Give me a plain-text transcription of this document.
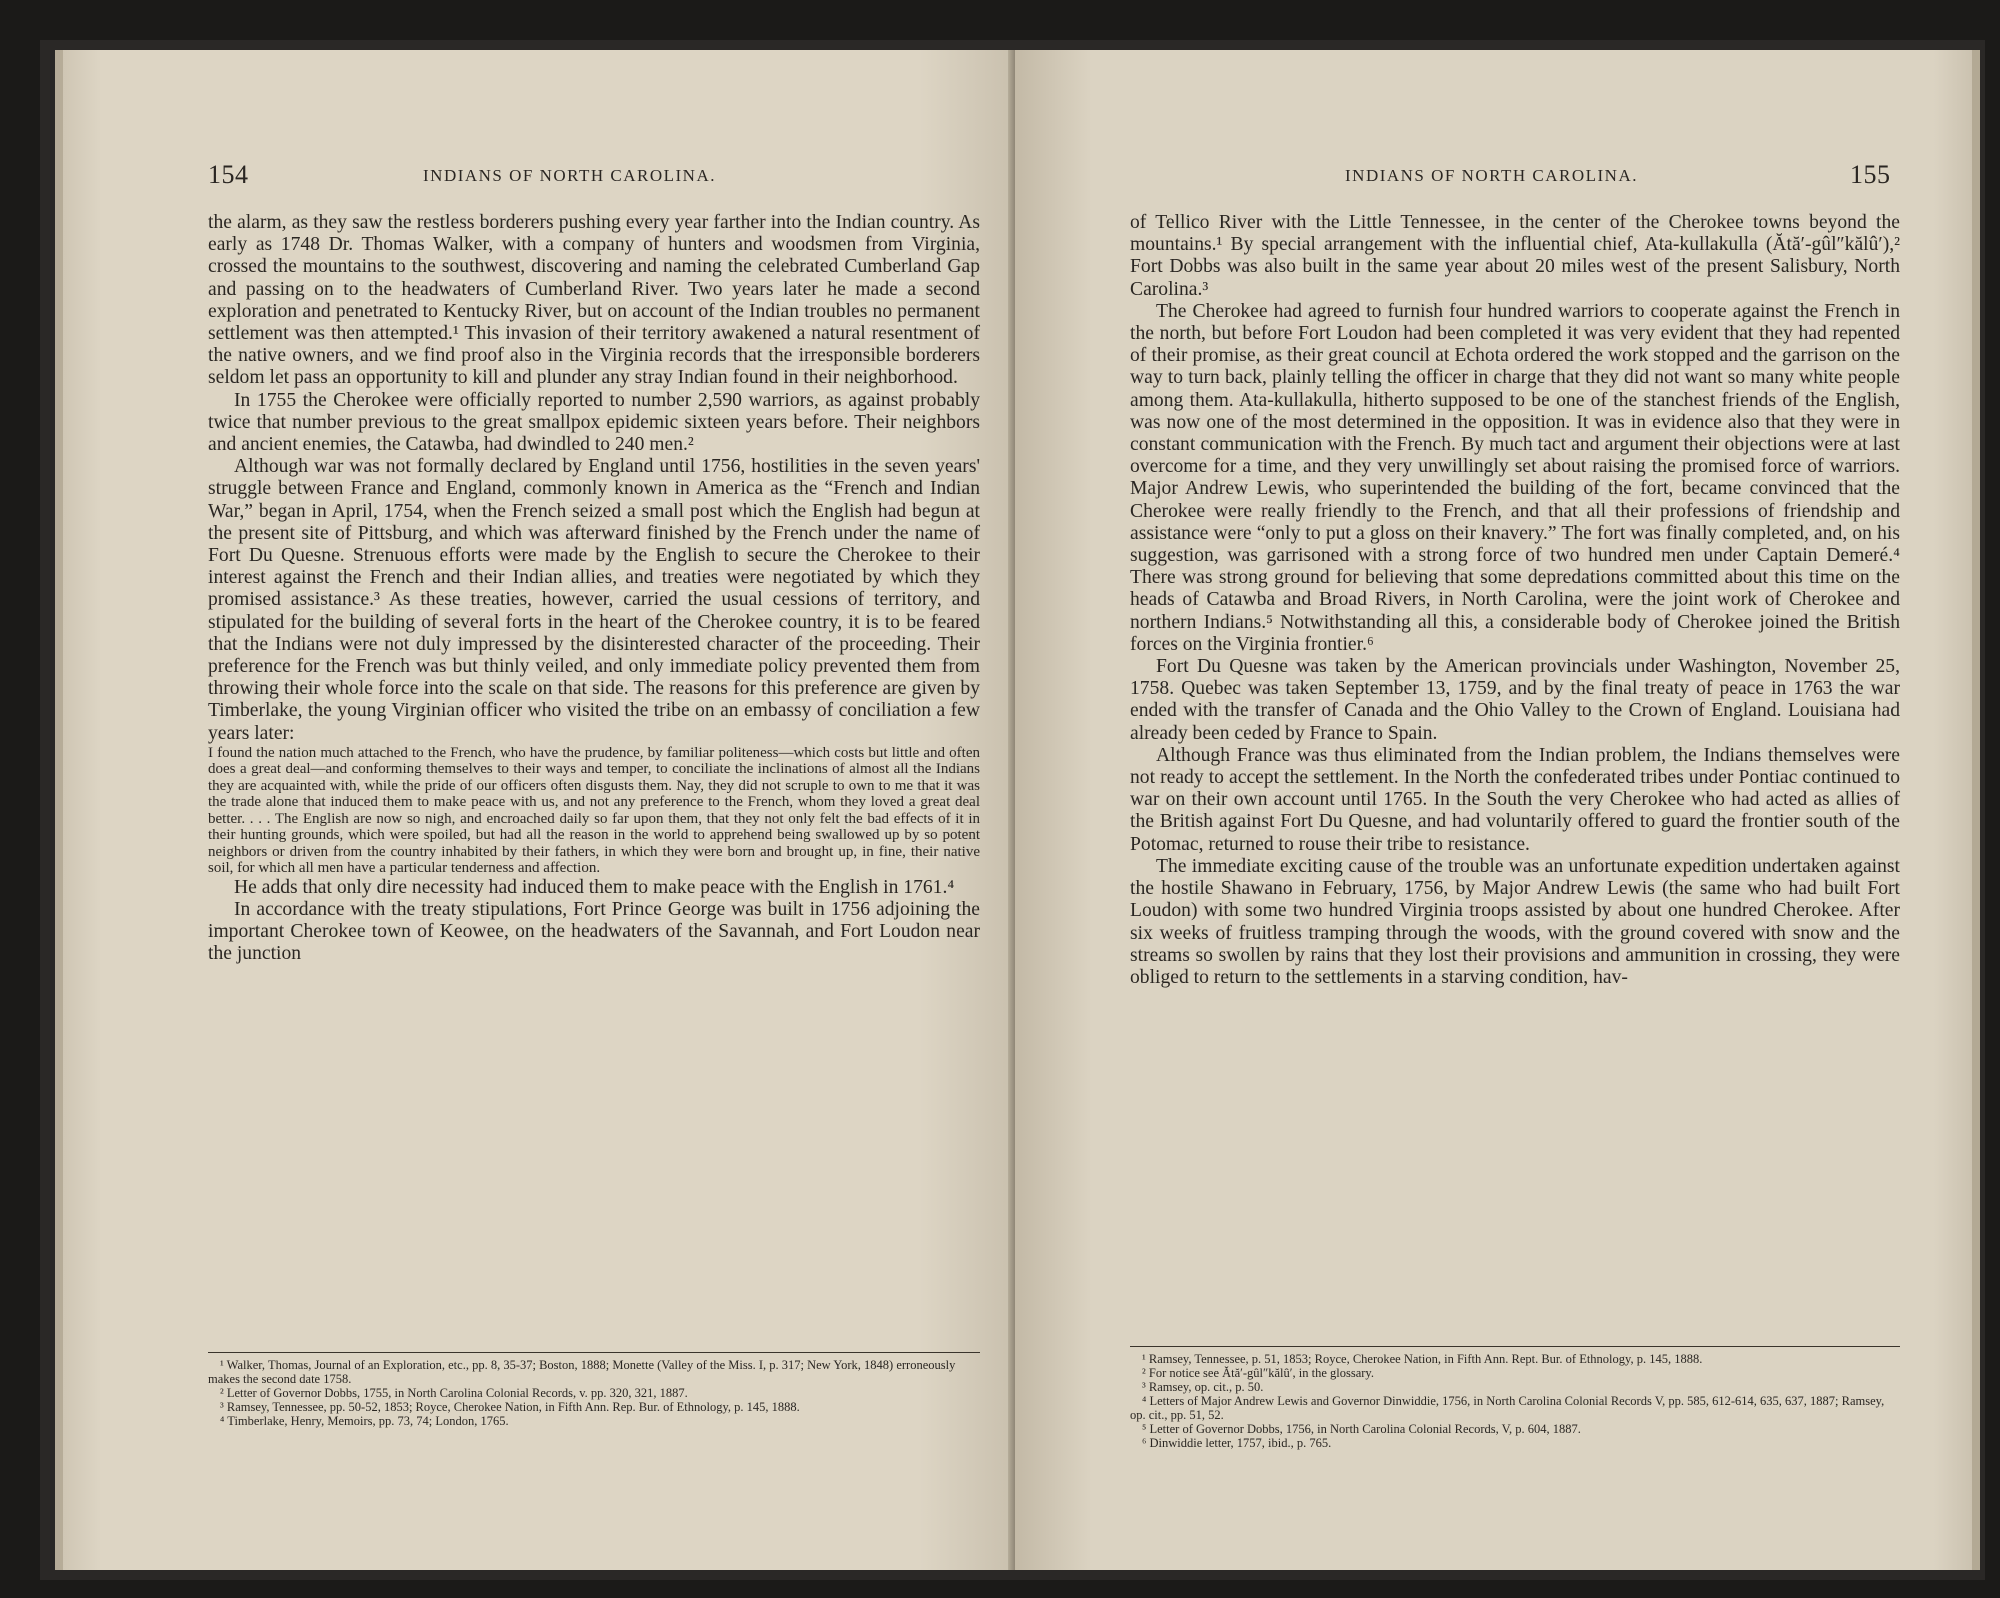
154	INDIANS OF NORTH CAROLINA.

the alarm, as they saw the restless borderers pushing every year farther into the Indian country. As early as 1748 Dr. Thomas Walker, with a company of hunters and woodsmen from Virginia, crossed the mountains to the southwest, discovering and naming the celebrated Cumberland Gap and passing on to the headwaters of Cumberland River. Two years later he made a second exploration and penetrated to Kentucky River, but on account of the Indian troubles no permanent settlement was then attempted.¹ This invasion of their territory awakened a natural resentment of the native owners, and we find proof also in the Virginia records that the irresponsible borderers seldom let pass an opportunity to kill and plunder any stray Indian found in their neighborhood.

In 1755 the Cherokee were officially reported to number 2,590 warriors, as against probably twice that number previous to the great smallpox epidemic sixteen years before. Their neighbors and ancient enemies, the Catawba, had dwindled to 240 men.²

Although war was not formally declared by England until 1756, hostilities in the seven years' struggle between France and England, commonly known in America as the “French and Indian War,” began in April, 1754, when the French seized a small post which the English had begun at the present site of Pittsburg, and which was afterward finished by the French under the name of Fort Du Quesne. Strenuous efforts were made by the English to secure the Cherokee to their interest against the French and their Indian allies, and treaties were negotiated by which they promised assistance.³ As these treaties, however, carried the usual cessions of territory, and stipulated for the building of several forts in the heart of the Cherokee country, it is to be feared that the Indians were not duly impressed by the disinterested character of the proceeding. Their preference for the French was but thinly veiled, and only immediate policy prevented them from throwing their whole force into the scale on that side. The reasons for this preference are given by Timberlake, the young Virginian officer who visited the tribe on an embassy of conciliation a few years later:

I found the nation much attached to the French, who have the prudence, by familiar politeness—which costs but little and often does a great deal—and conforming themselves to their ways and temper, to conciliate the inclinations of almost all the Indians they are acquainted with, while the pride of our officers often disgusts them. Nay, they did not scruple to own to me that it was the trade alone that induced them to make peace with us, and not any preference to the French, whom they loved a great deal better. . . . The English are now so nigh, and encroached daily so far upon them, that they not only felt the bad effects of it in their hunting grounds, which were spoiled, but had all the reason in the world to apprehend being swallowed up by so potent neighbors or driven from the country inhabited by their fathers, in which they were born and brought up, in fine, their native soil, for which all men have a particular tenderness and affection.

He adds that only dire necessity had induced them to make peace with the English in 1761.⁴

In accordance with the treaty stipulations, Fort Prince George was built in 1756 adjoining the important Cherokee town of Keowee, on the headwaters of the Savannah, and Fort Loudon near the junction

¹ Walker, Thomas, Journal of an Exploration, etc., pp. 8, 35-37; Boston, 1888; Monette (Valley of the Miss. I, p. 317; New York, 1848) erroneously makes the second date 1758.

² Letter of Governor Dobbs, 1755, in North Carolina Colonial Records, v. pp. 320, 321, 1887.

³ Ramsey, Tennessee, pp. 50-52, 1853; Royce, Cherokee Nation, in Fifth Ann. Rep. Bur. of Ethnology, p. 145, 1888.

⁴ Timberlake, Henry, Memoirs, pp. 73, 74; London, 1765.

INDIANS OF NORTH CAROLINA.	155

of Tellico River with the Little Tennessee, in the center of the Cherokee towns beyond the mountains.¹ By special arrangement with the influential chief, Ata-kullakulla (Ătă′-gûl″kălû′),² Fort Dobbs was also built in the same year about 20 miles west of the present Salisbury, North Carolina.³

The Cherokee had agreed to furnish four hundred warriors to cooperate against the French in the north, but before Fort Loudon had been completed it was very evident that they had repented of their promise, as their great council at Echota ordered the work stopped and the garrison on the way to turn back, plainly telling the officer in charge that they did not want so many white people among them. Ata-kullakulla, hitherto supposed to be one of the stanchest friends of the English, was now one of the most determined in the opposition. It was in evidence also that they were in constant communication with the French. By much tact and argument their objections were at last overcome for a time, and they very unwillingly set about raising the promised force of warriors. Major Andrew Lewis, who superintended the building of the fort, became convinced that the Cherokee were really friendly to the French, and that all their professions of friendship and assistance were “only to put a gloss on their knavery.” The fort was finally completed, and, on his suggestion, was garrisoned with a strong force of two hundred men under Captain Demeré.⁴ There was strong ground for believing that some depredations committed about this time on the heads of Catawba and Broad Rivers, in North Carolina, were the joint work of Cherokee and northern Indians.⁵ Notwithstanding all this, a considerable body of Cherokee joined the British forces on the Virginia frontier.⁶

Fort Du Quesne was taken by the American provincials under Washington, November 25, 1758. Quebec was taken September 13, 1759, and by the final treaty of peace in 1763 the war ended with the transfer of Canada and the Ohio Valley to the Crown of England. Louisiana had already been ceded by France to Spain.

Although France was thus eliminated from the Indian problem, the Indians themselves were not ready to accept the settlement. In the North the confederated tribes under Pontiac continued to war on their own account until 1765. In the South the very Cherokee who had acted as allies of the British against Fort Du Quesne, and had voluntarily offered to guard the frontier south of the Potomac, returned to rouse their tribe to resistance.

The immediate exciting cause of the trouble was an unfortunate expedition undertaken against the hostile Shawano in February, 1756, by Major Andrew Lewis (the same who had built Fort Loudon) with some two hundred Virginia troops assisted by about one hundred Cherokee. After six weeks of fruitless tramping through the woods, with the ground covered with snow and the streams so swollen by rains that they lost their provisions and ammunition in crossing, they were obliged to return to the settlements in a starving condition, hav-

¹ Ramsey, Tennessee, p. 51, 1853; Royce, Cherokee Nation, in Fifth Ann. Rept. Bur. of Ethnology, p. 145, 1888.

² For notice see Ătă′-gûl″kălû′, in the glossary.

³ Ramsey, op. cit., p. 50.

⁴ Letters of Major Andrew Lewis and Governor Dinwiddie, 1756, in North Carolina Colonial Records V, pp. 585, 612-614, 635, 637, 1887; Ramsey, op. cit., pp. 51, 52.

⁵ Letter of Governor Dobbs, 1756, in North Carolina Colonial Records, V, p. 604, 1887.

⁶ Dinwiddie letter, 1757, ibid., p. 765.
